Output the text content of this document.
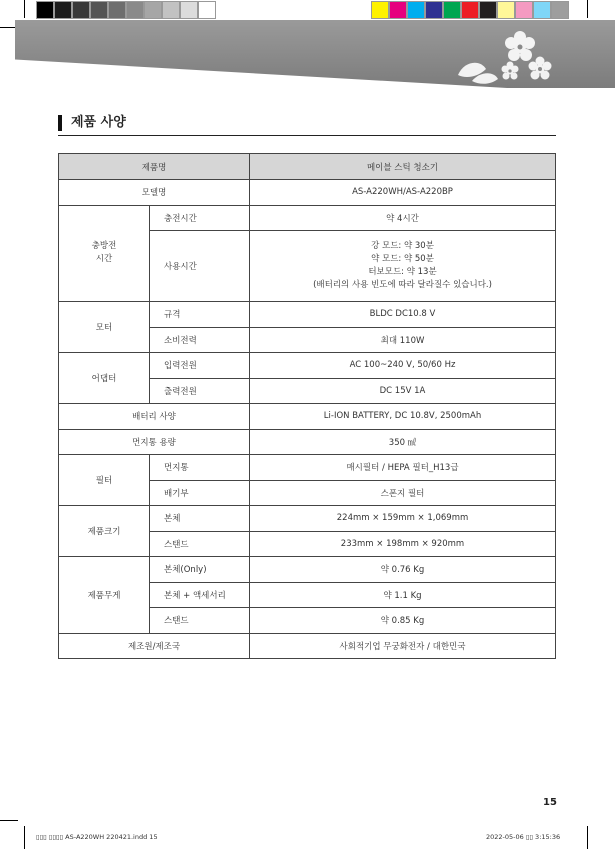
제품 사양
제품명		메이블 스틱 청소기
모델명		AS-A220WH/AS-A220BP

충방전
시간	충전시간	약 4시간
	사용시간	강 모드: 약 30분
약 모드: 약 50분
터보모드: 약 13분
(배터리의 사용 빈도에 따라 달라질수 있습니다.)

모터	규격	BLDC DC10.8 V
	소비전력	최대 110W
어댑터	입력전원	AC 100~240 V, 50/60 Hz
	출력전원	DC 15V 1A
배터리 사양		Li-ION BATTERY, DC 10.8V, 2500mAh
먼지통 용량		350 ㎖
필터	먼지통	매시필터 / HEPA 필터_H13급
	배기부	스폰지 필터
제품크기	본체	224mm × 159mm × 1,069mm
	스탠드	233mm × 198mm × 920mm
제품무게	본체(Only)	약 0.76 Kg
	본체 + 액세서리	약 1.1 Kg
	스탠드	약 0.85 Kg
제조원/제조국		사회적기업 무궁화전자 / 대한민국
15
▯▯▯ ▯▯▯▯ AS-A220WH 220421.indd 15	2022-05-06 ▯▯ 3:15:36
